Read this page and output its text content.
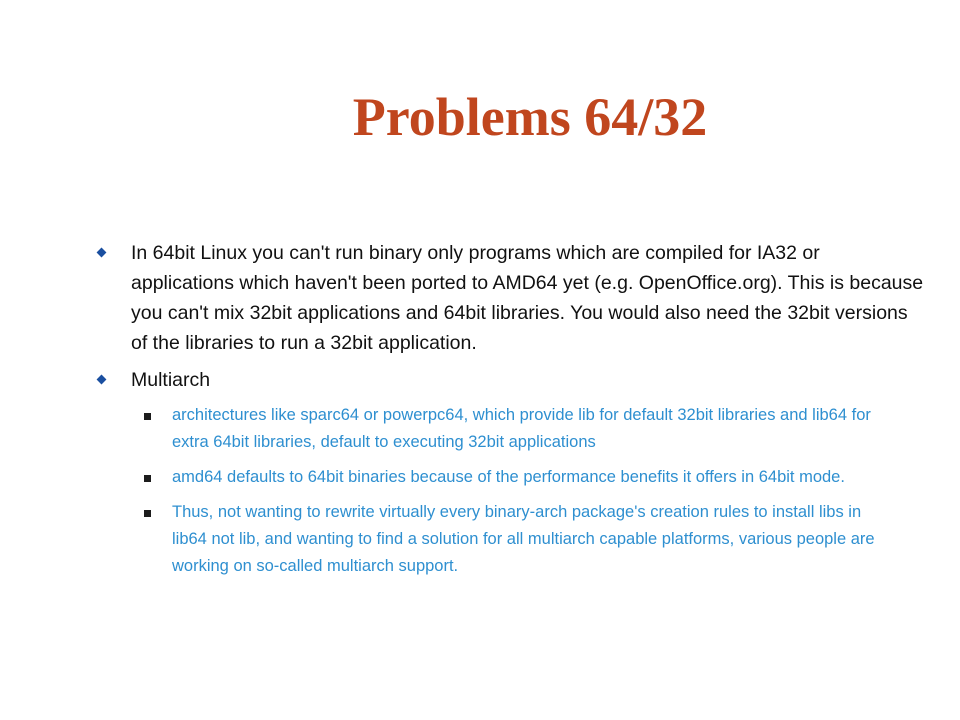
Problems 64/32
In 64bit Linux you can't run binary only programs which are compiled for IA32 or applications which haven't been ported to AMD64 yet (e.g. OpenOffice.org). This is because you can't mix 32bit applications and 64bit libraries. You would also need the 32bit versions of the libraries to run a 32bit application.
Multiarch
architectures like sparc64 or powerpc64, which provide lib for default 32bit libraries and lib64 for extra 64bit libraries, default to executing 32bit applications
amd64 defaults to 64bit binaries because of the performance benefits it offers in 64bit mode.
Thus, not wanting to rewrite virtually every binary-arch package's creation rules to install libs in lib64 not lib, and wanting to find a solution for all multiarch capable platforms, various people are working on so-called multiarch support.
